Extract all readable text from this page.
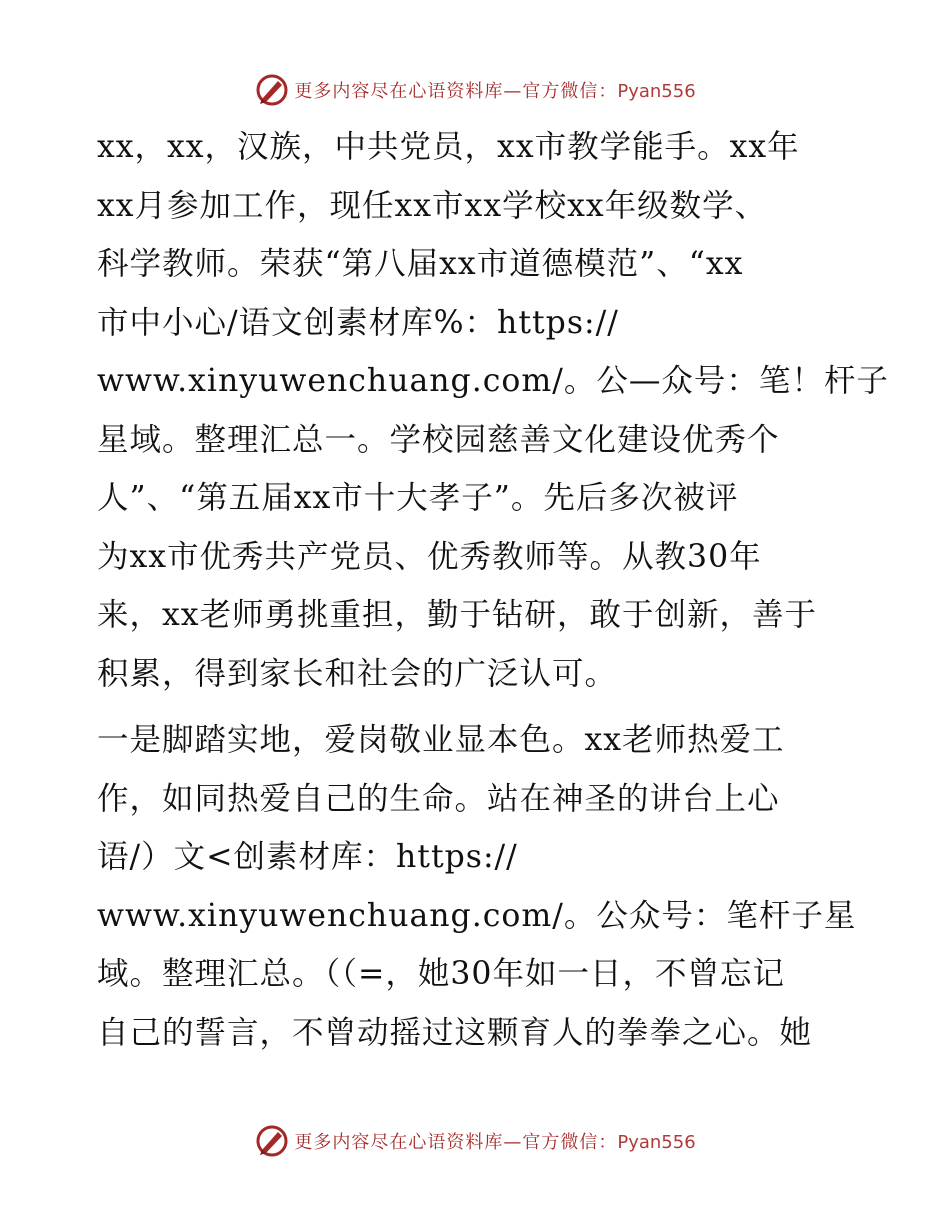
更多内容尽在心语资料库—官方微信：Pyan556
xx，xx，汉族，中共党员，xx市教学能手。xx年
xx月参加工作，现任xx市xx学校xx年级数学、
科学教师。荣获“第八届xx市道德模范”、“xx
市中小心/语文创素材库%：https://
www.xinyuwenchuang.com/。公—众号：笔！杆子
星域。整理汇总一。学校园慈善文化建设优秀个
人”、“第五届xx市十大孝子”。先后多次被评
为xx市优秀共产党员、优秀教师等。从教30年
来，xx老师勇挑重担，勤于钻研，敢于创新，善于
积累，得到家长和社会的广泛认可。
一是脚踏实地，爱岗敬业显本色。xx老师热爱工
作，如同热爱自己的生命。站在神圣的讲台上心
语/）文<创素材库：https://
www.xinyuwenchuang.com/。公众号：笔杆子星
域。整理汇总。（（=，她30年如一日，不曾忘记
自己的誓言，不曾动摇过这颗育人的拳拳之心。她
更多内容尽在心语资料库—官方微信：Pyan556
